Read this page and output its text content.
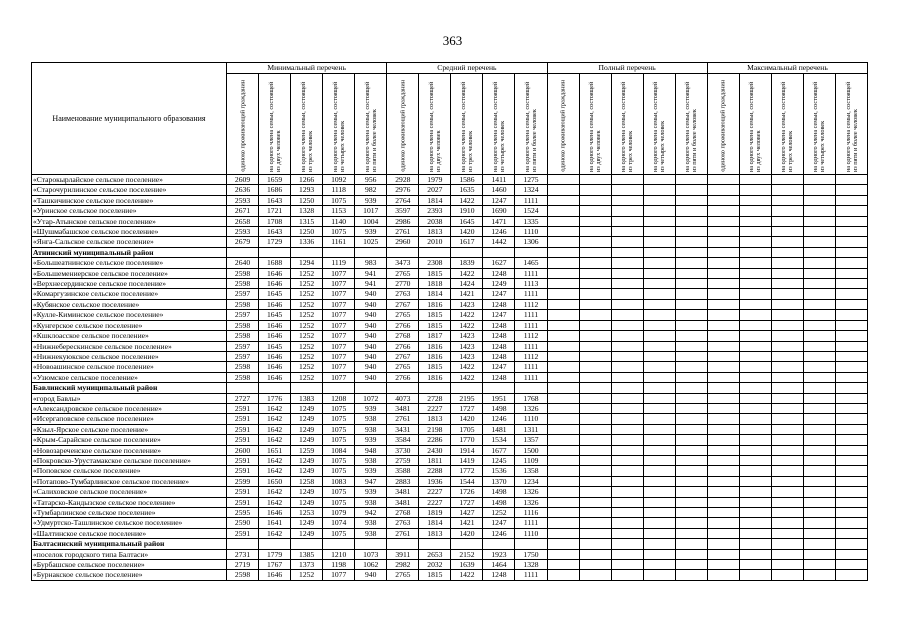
363
Наименование муниципального образования	Минимальный перечень					Средний перечень					Полный перечень					Максимальный перечень				

	одиноко проживающий гражданин	на одного члена семьи, состоящей из двух человек	на одного члена семьи, состоящей из трех человек	на одного члена семьи, состоящей из четырех человек	на одного члена семьи, состоящей из пяти и более человек	одиноко проживающий гражданин	на одного члена семьи, состоящей из двух человек	на одного члена семьи, состоящей из трех человек	на одного члена семьи, состоящей из четырех человек	на одного члена семьи, состоящей из пяти и более человек	одиноко проживающий гражданин	на одного члена семьи, состоящей из двух человек	на одного члена семьи, состоящей из трех человек	на одного члена семьи, состоящей из четырех человек	на одного члена семьи, состоящей из пяти и более человек	одиноко проживающий гражданин	на одного члена семьи, состоящей из двух человек	на одного члена семьи, состоящей из трех человек	на одного члена семьи, состоящей из четырех человек	на одного члена семьи, состоящей из пяти и более человек

«Старокырлайское сельское поселение»	2609	1659	1266	1092	956	2928	1979	1586	1411	1275										
«Старочурилинское сельское поселение»	2636	1686	1293	1118	982	2976	2027	1635	1460	1324										
«Ташкичинское сельское поселение»	2593	1643	1250	1075	939	2764	1814	1422	1247	1111										
«Уринское сельское поселение»	2671	1721	1328	1153	1017	3597	2393	1910	1690	1524										
«Утар-Атынское сельское поселение»	2658	1708	1315	1140	1004	2986	2038	1645	1471	1335										
«Шушмабашское сельское поселение»	2593	1643	1250	1075	939	2761	1813	1420	1246	1110										
«Янга-Сальское сельское поселение»	2679	1729	1336	1161	1025	2960	2010	1617	1442	1306										
Атнинский муниципальный район																				
«Большеатнинское сельское поселение»	2640	1688	1294	1119	983	3473	2308	1839	1627	1465										
«Большемениерское сельское поселение»	2598	1646	1252	1077	941	2765	1815	1422	1248	1111										
«Верхнесердинское сельское поселение»	2598	1646	1252	1077	941	2770	1818	1424	1249	1113										
«Комаргузинское сельское поселение»	2597	1645	1252	1077	940	2763	1814	1421	1247	1111										
«Кубянское сельское поселение»	2598	1646	1252	1077	940	2767	1816	1423	1248	1112										
«Кулле-Киминское сельское поселение»	2597	1645	1252	1077	940	2765	1815	1422	1247	1111										
«Кунгерское сельское поселение»	2598	1646	1252	1077	940	2766	1815	1422	1248	1111										
«Кшклоасское сельское поселение»	2598	1646	1252	1077	940	2768	1817	1423	1248	1112										
«Нижнеберескинское сельское поселение»	2597	1645	1252	1077	940	2766	1816	1423	1248	1111										
«Нижнекуюкское сельское поселение»	2597	1646	1252	1077	940	2767	1816	1423	1248	1112										
«Новоашинское сельское поселение»	2598	1646	1252	1077	940	2765	1815	1422	1247	1111										
«Узюмское сельское поселение»	2598	1646	1252	1077	940	2766	1816	1422	1248	1111										
Бавлинский муниципальный район																				
«город Бавлы»	2727	1776	1383	1208	1072	4073	2728	2195	1951	1768										
«Александровское сельское поселение»	2591	1642	1249	1075	939	3481	2227	1727	1498	1326										
«Исергаповское сельское поселение»	2591	1642	1249	1075	938	2761	1813	1420	1246	1110										
«Кзыл-Ярское сельское поселение»	2591	1642	1249	1075	938	3431	2198	1705	1481	1311										
«Крым-Сарайское сельское поселение»	2591	1642	1249	1075	939	3584	2286	1770	1534	1357										
«Новозареченское сельское поселение»	2600	1651	1259	1084	948	3730	2430	1914	1677	1500										
«Покровско-Урустамакское сельское поселение»	2591	1642	1249	1075	938	2759	1811	1419	1245	1109										
«Поповское сельское поселение»	2591	1642	1249	1075	939	3588	2288	1772	1536	1358										
«Потапово-Тумбарлинское сельское поселение»	2599	1650	1258	1083	947	2883	1936	1544	1370	1234										
«Салиховское сельское поселение»	2591	1642	1249	1075	939	3481	2227	1726	1498	1326										
«Татарско-Кандызское сельское поселение»	2591	1642	1249	1075	938	3481	2227	1727	1498	1326										
«Тумбарлинское сельское поселение»	2595	1646	1253	1079	942	2768	1819	1427	1252	1116										
«Удмуртско-Ташлинское сельское поселение»	2590	1641	1249	1074	938	2763	1814	1421	1247	1111										
«Шалтинское сельское поселение»	2591	1642	1249	1075	938	2761	1813	1420	1246	1110										
Балтасинский муниципальный район																				
«поселок городского типа Балтаси»	2731	1779	1385	1210	1073	3911	2653	2152	1923	1750										
«Бурбашское сельское поселение»	2719	1767	1373	1198	1062	2982	2032	1639	1464	1328										
«Бурнакское сельское поселение»	2598	1646	1252	1077	940	2765	1815	1422	1248	1111										
